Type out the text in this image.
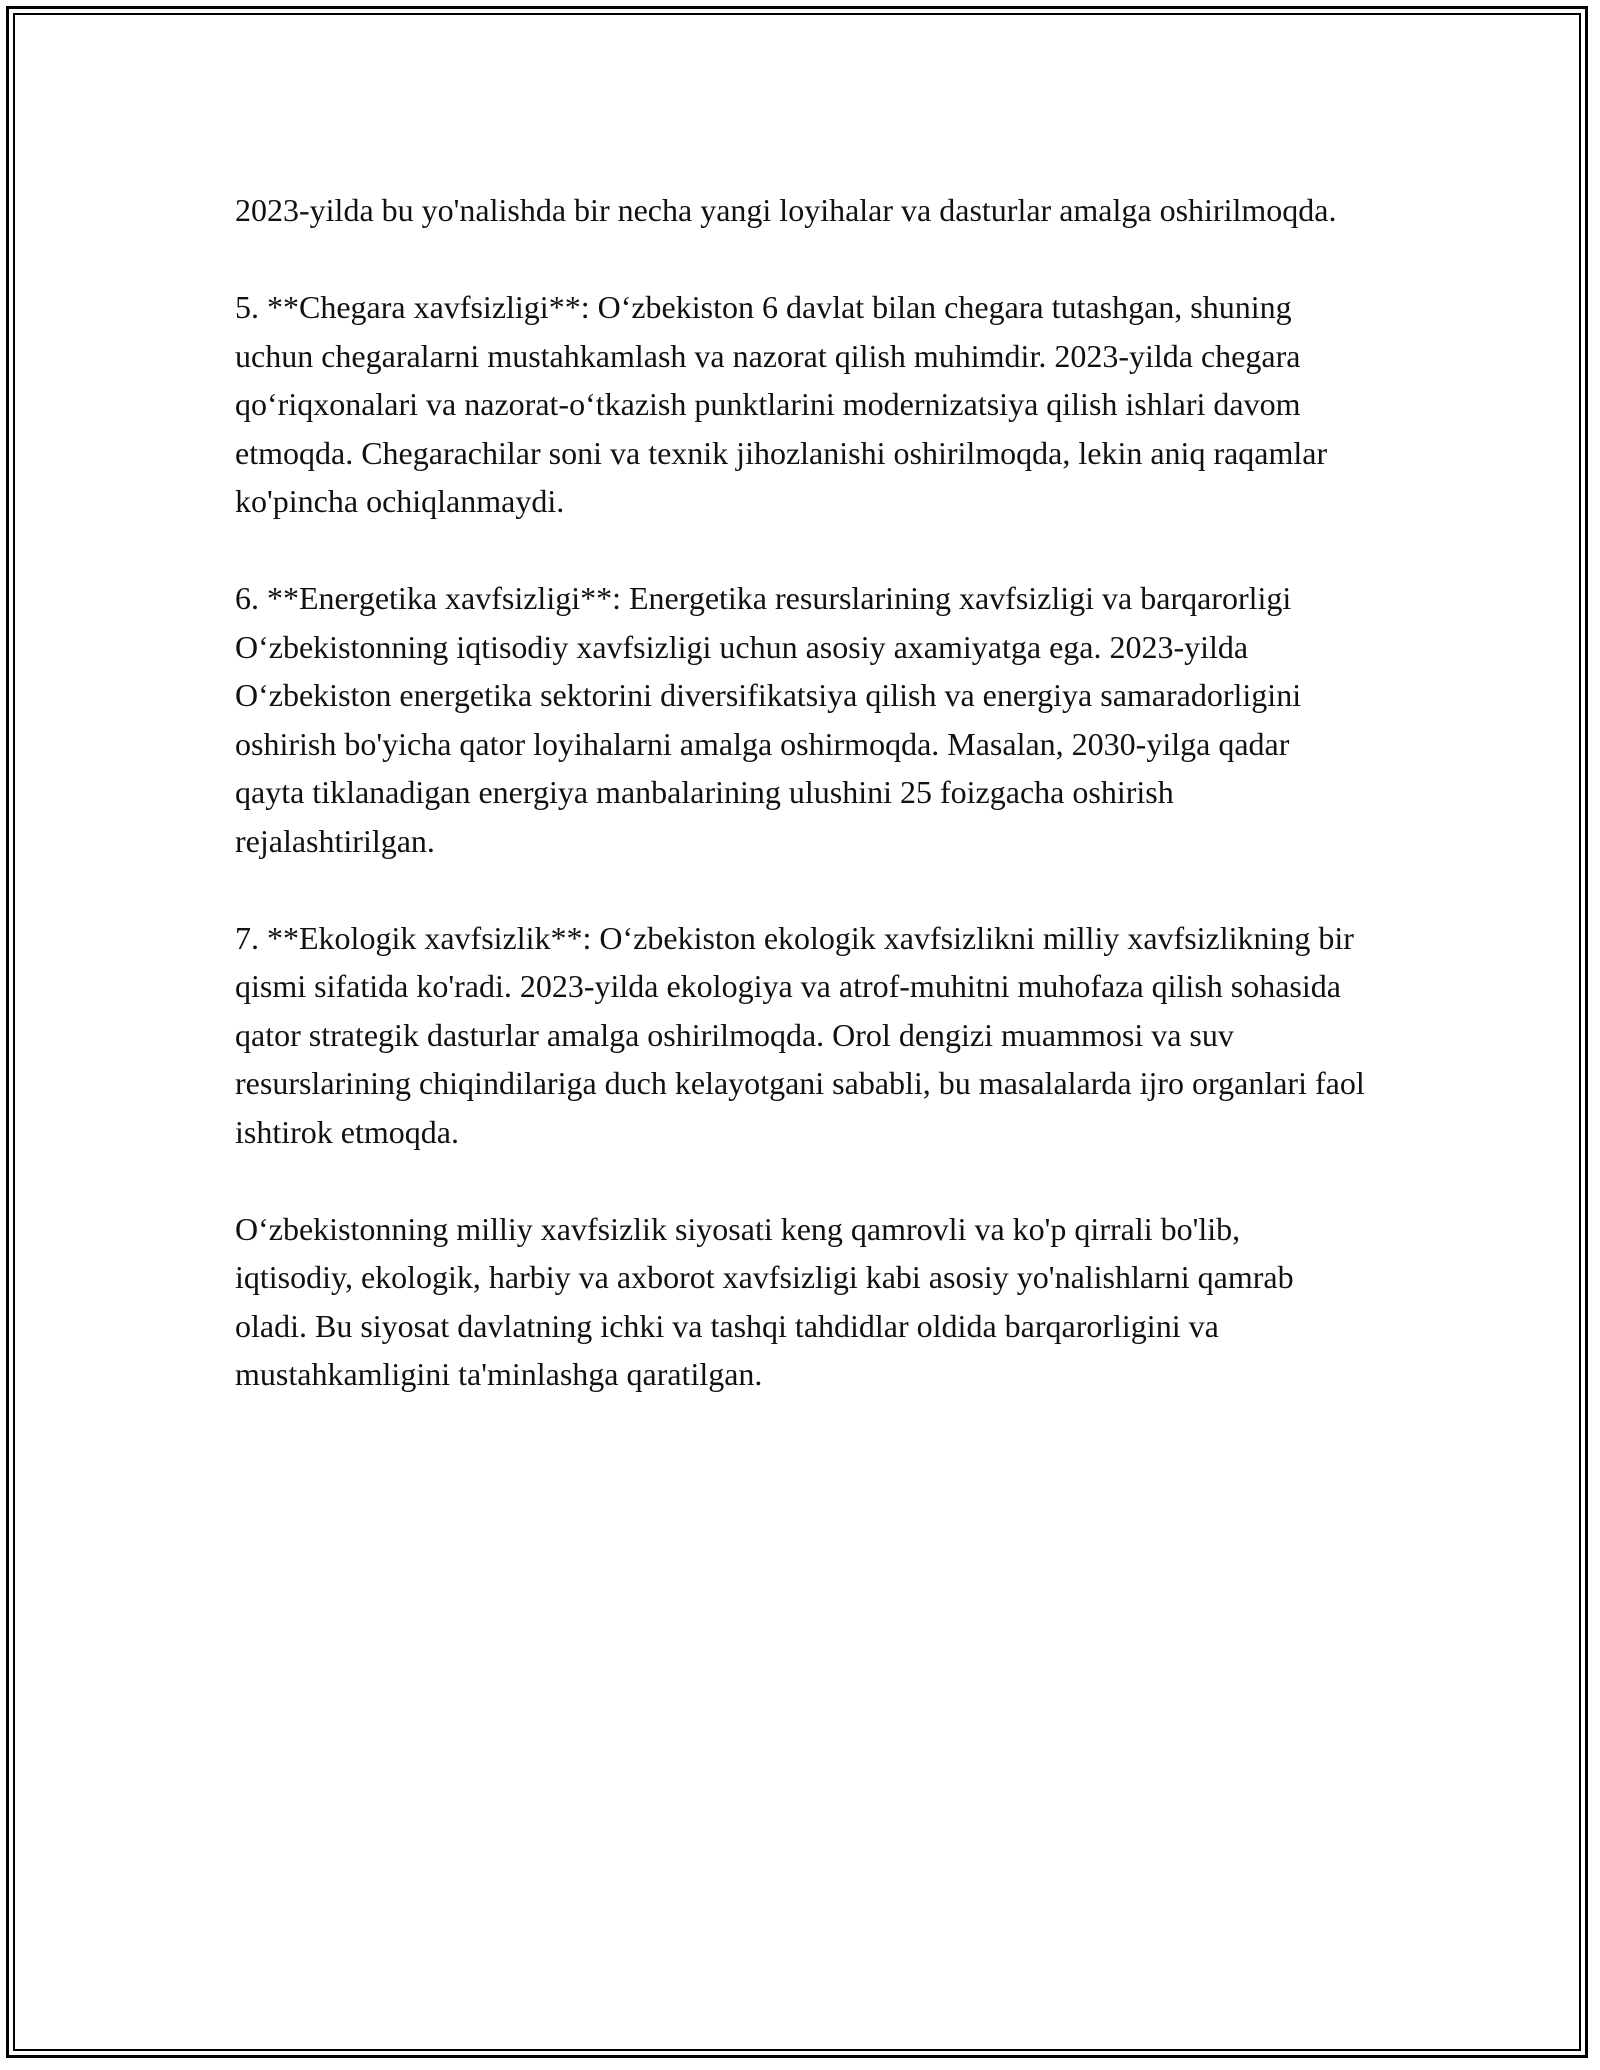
2023-yilda bu yo'nalishda bir necha yangi loyihalar va dasturlar amalga oshirilmoqda.

5. **Chegara xavfsizligi**: O‘zbekiston 6 davlat bilan chegara tutashgan, shuning uchun chegaralarni mustahkamlash va nazorat qilish muhimdir. 2023-yilda chegara qo‘riqxonalari va nazorat-o‘tkazish punktlarini modernizatsiya qilish ishlari davom etmoqda. Chegarachilar soni va texnik jihozlanishi oshirilmoqda, lekin aniq raqamlar ko'pincha ochiqlanmaydi.

6. **Energetika xavfsizligi**: Energetika resurslarining xavfsizligi va barqarorligi O‘zbekistonning iqtisodiy xavfsizligi uchun asosiy axamiyatga ega. 2023-yilda O‘zbekiston energetika sektorini diversifikatsiya qilish va energiya samaradorligini oshirish bo'yicha qator loyihalarni amalga oshirmoqda. Masalan, 2030-yilga qadar qayta tiklanadigan energiya manbalarining ulushini 25 foizgacha oshirish rejalashtirilgan.

7. **Ekologik xavfsizlik**: O‘zbekiston ekologik xavfsizlikni milliy xavfsizlikning bir qismi sifatida ko'radi. 2023-yilda ekologiya va atrof-muhitni muhofaza qilish sohasida qator strategik dasturlar amalga oshirilmoqda. Orol dengizi muammosi va suv resurslarining chiqindilariga duch kelayotgani sababli, bu masalalarda ijro organlari faol ishtirok etmoqda.

O‘zbekistonning milliy xavfsizlik siyosati keng qamrovli va ko'p qirrali bo'lib, iqtisodiy, ekologik, harbiy va axborot xavfsizligi kabi asosiy yo'nalishlarni qamrab oladi. Bu siyosat davlatning ichki va tashqi tahdidlar oldida barqarorligini va mustahkamligini ta'minlashga qaratilgan.
